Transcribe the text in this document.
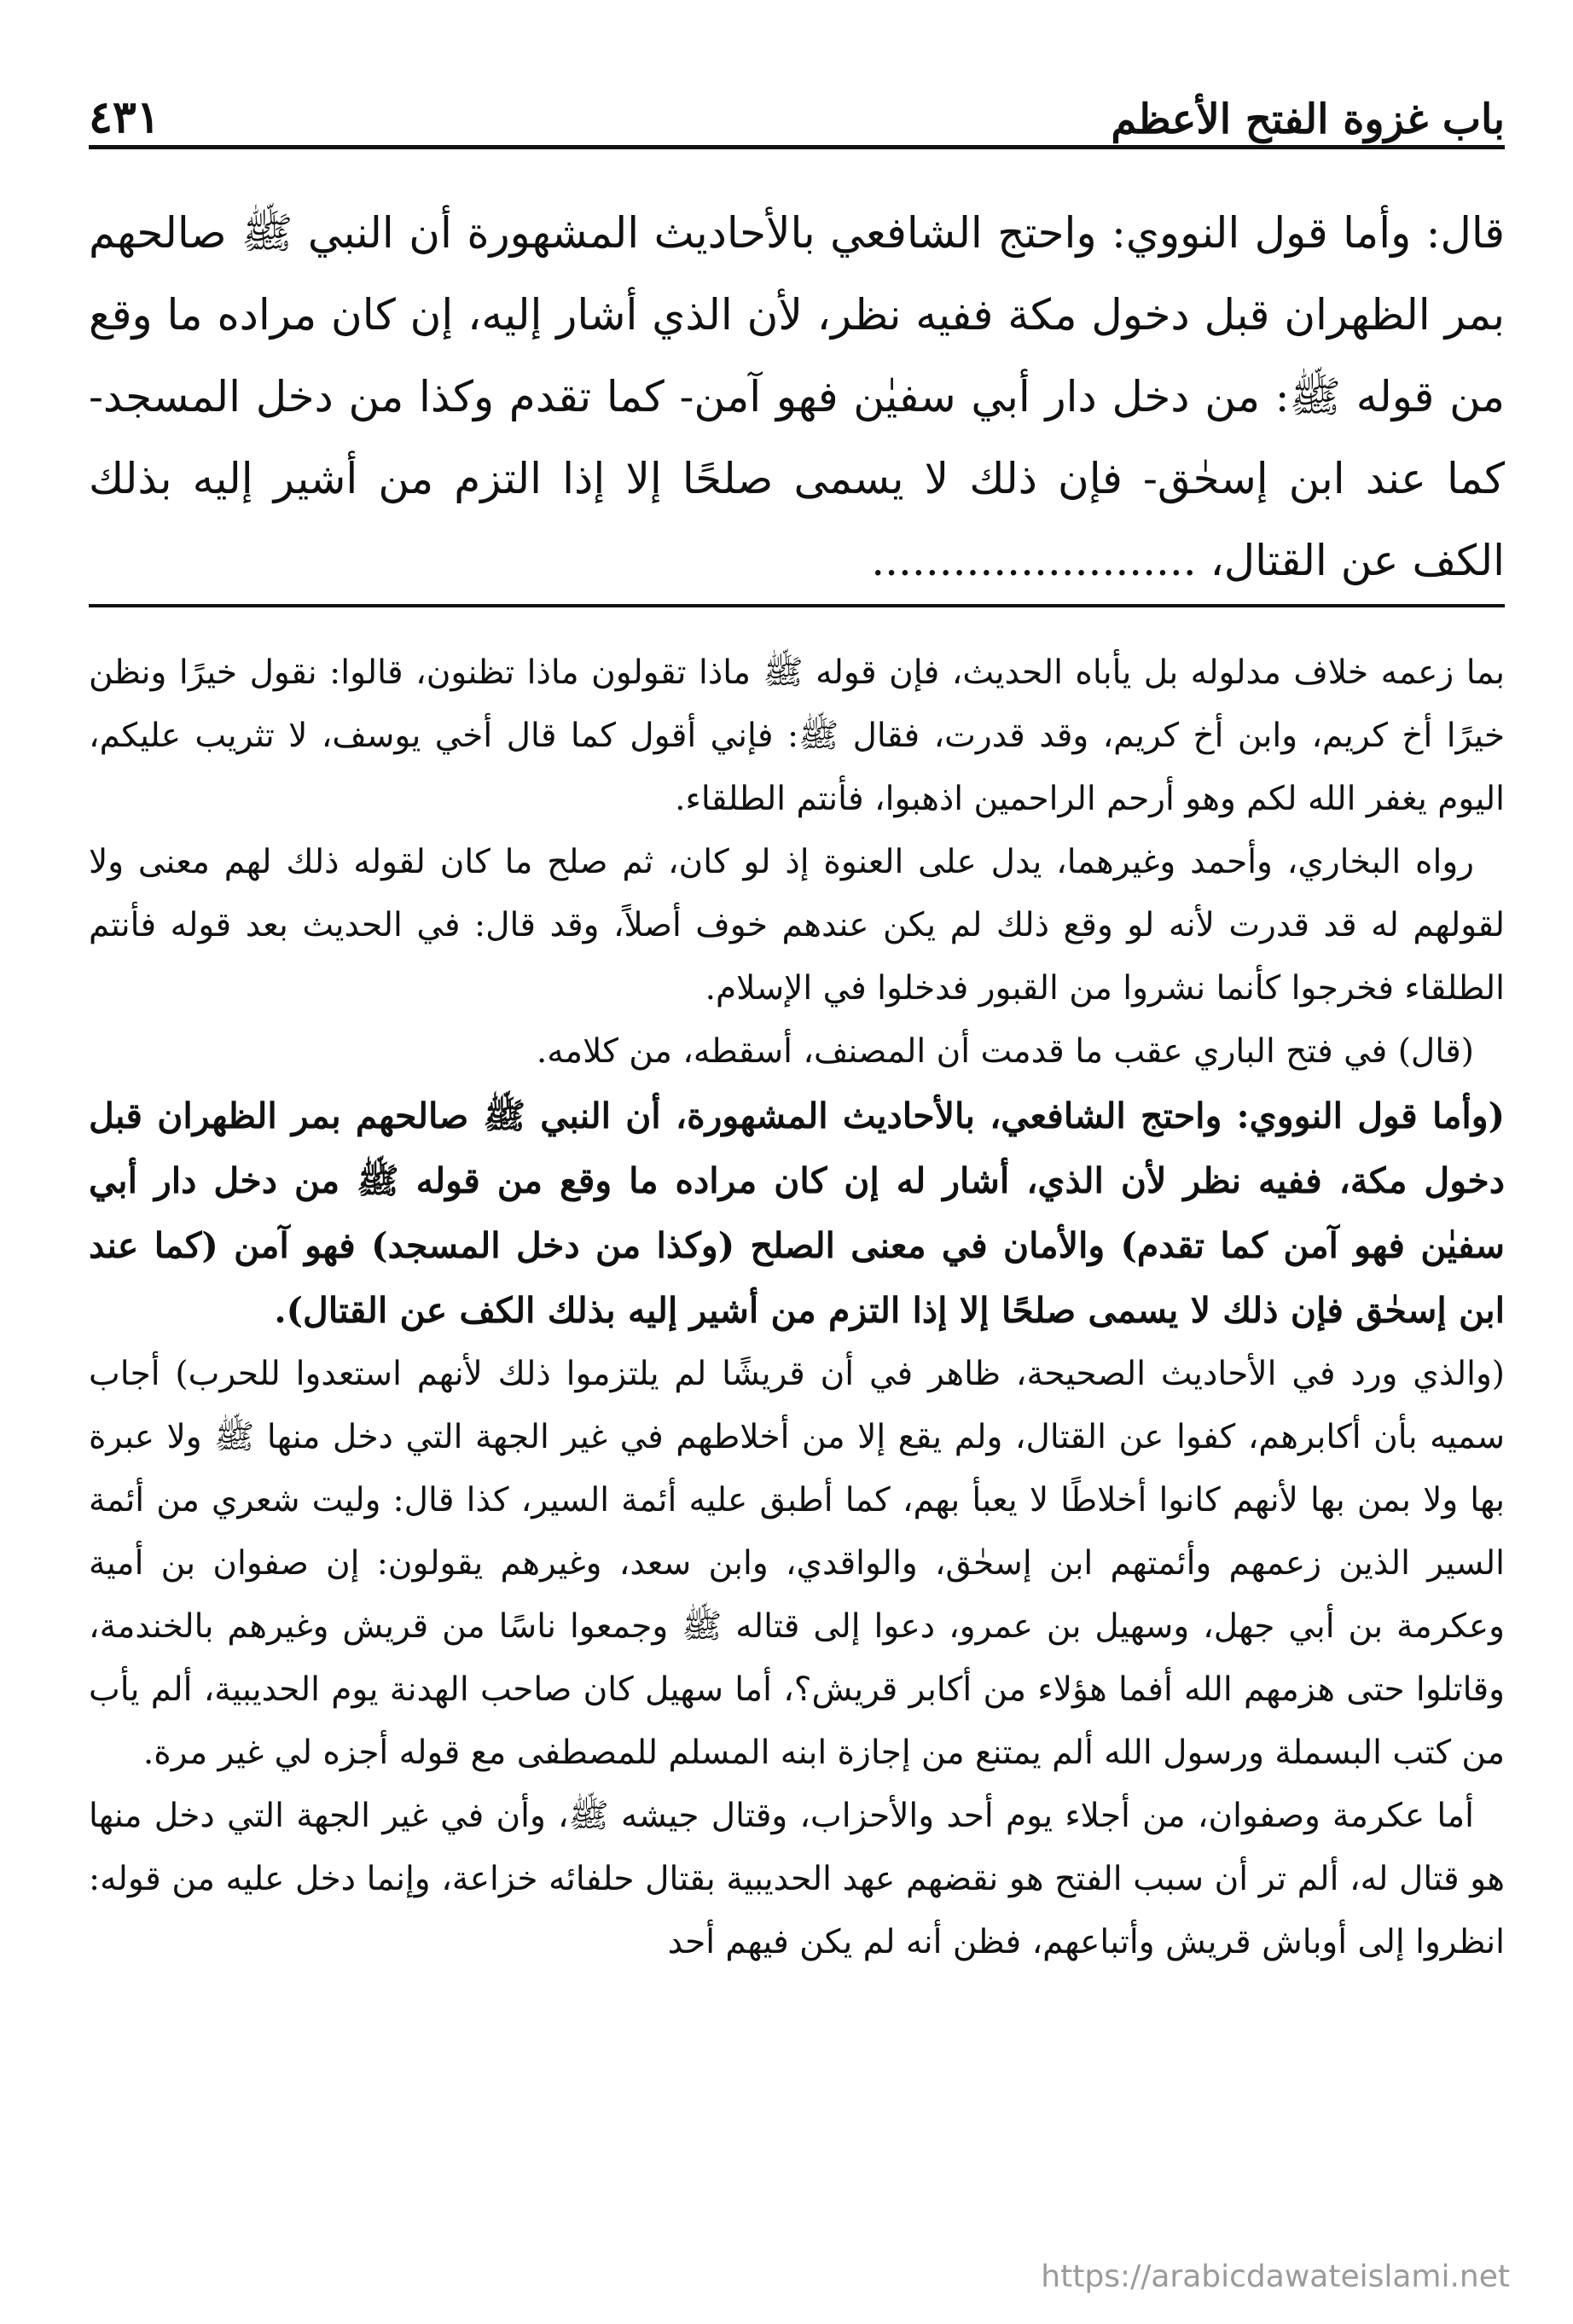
باب غزوة الفتح الأعظم
٤٣١

قال: وأما قول النووي: واحتج الشافعي بالأحاديث المشهورة أن النبي ﷺ صالحهم بمر الظهران قبل دخول مكة ففيه نظر، لأن الذي أشار إليه، إن كان مراده ما وقع من قوله ﷺ: من دخل دار أبي سفيٰن فهو آمن- كما تقدم وكذا من دخل المسجد- كما عند ابن إسحٰق- فإن ذلك لا يسمى صلحًا إلا إذا التزم من أشير إليه بذلك الكف عن القتال، ........................

بما زعمه خلاف مدلوله بل يأباه الحديث، فإن قوله ﷺ ماذا تقولون ماذا تظنون، قالوا: نقول خيرًا ونظن خيرًا أخ كريم، وابن أخ كريم، وقد قدرت، فقال ﷺ: فإني أقول كما قال أخي يوسف، لا تثريب عليكم، اليوم يغفر الله لكم وهو أرحم الراحمين اذهبوا، فأنتم الطلقاء.

رواه البخاري، وأحمد وغيرهما، يدل على العنوة إذ لو كان، ثم صلح ما كان لقوله ذلك لهم معنى ولا لقولهم له قد قدرت لأنه لو وقع ذلك لم يكن عندهم خوف أصلاً، وقد قال: في الحديث بعد قوله فأنتم الطلقاء فخرجوا كأنما نشروا من القبور فدخلوا في الإسلام.

(قال) في فتح الباري عقب ما قدمت أن المصنف، أسقطه، من كلامه.

(وأما قول النووي: واحتج الشافعي، بالأحاديث المشهورة، أن النبي ﷺ صالحهم بمر الظهران قبل دخول مكة، ففيه نظر لأن الذي، أشار له إن كان مراده ما وقع من قوله ﷺ من دخل دار أبي سفيٰن فهو آمن كما تقدم) والأمان في معنى الصلح (وكذا من دخل المسجد) فهو آمن (كما عند ابن إسحٰق فإن ذلك لا يسمى صلحًا إلا إذا التزم من أشير إليه بذلك الكف عن القتال).

(والذي ورد في الأحاديث الصحيحة، ظاهر في أن قريشًا لم يلتزموا ذلك لأنهم استعدوا للحرب) أجاب سميه بأن أكابرهم، كفوا عن القتال، ولم يقع إلا من أخلاطهم في غير الجهة التي دخل منها ﷺ ولا عبرة بها ولا بمن بها لأنهم كانوا أخلاطًا لا يعبأ بهم، كما أطبق عليه أئمة السير، كذا قال: وليت شعري من أئمة السير الذين زعمهم وأئمتهم ابن إسحٰق، والواقدي، وابن سعد، وغيرهم يقولون: إن صفوان بن أمية وعكرمة بن أبي جهل، وسهيل بن عمرو، دعوا إلى قتاله ﷺ وجمعوا ناسًا من قريش وغيرهم بالخندمة، وقاتلوا حتى هزمهم الله أفما هؤلاء من أكابر قريش؟، أما سهيل كان صاحب الهدنة يوم الحديبية، ألم يأب من كتب البسملة ورسول الله ألم يمتنع من إجازة ابنه المسلم للمصطفى مع قوله أجزه لي غير مرة.

أما عكرمة وصفوان، من أجلاء يوم أحد والأحزاب، وقتال جيشه ﷺ، وأن في غير الجهة التي دخل منها هو قتال له، ألم تر أن سبب الفتح هو نقضهم عهد الحديبية بقتال حلفائه خزاعة، وإنما دخل عليه من قوله: انظروا إلى أوباش قريش وأتباعهم، فظن أنه لم يكن فيهم أحد

https://arabicdawateislami.net
